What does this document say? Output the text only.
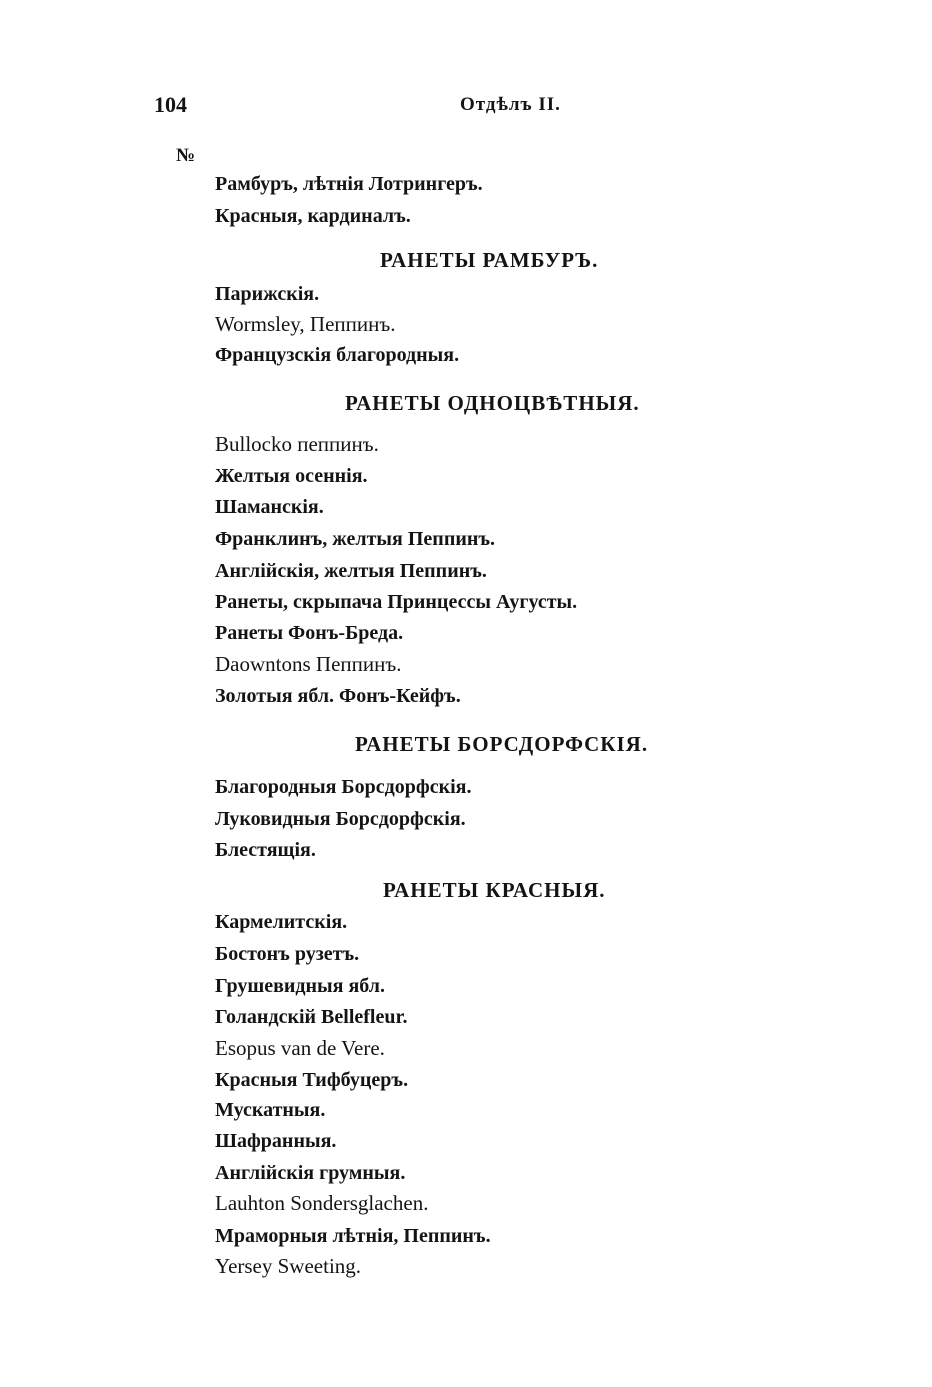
104	Отдѣлъ II.
№
Рамбуръ, лѣтнія Лотрингеръ.
Красныя, кардиналъ.
РАНЕТЫ РАМБУРЪ.
Парижскія.
Wormsley, Пеппинъ.
Французскія благородныя.
РАНЕТЫ ОДНОЦВѢТНЫЯ.
Bullocko пеппинъ.
Желтыя осеннія.
Шаманскія.
Франклинъ, желтыя Пеппинъ.
Англійскія, желтыя Пеппинъ.
Ранеты, скрыпача Принцессы Аугусты.
Ранеты Фонъ-Бреда.
Daowntons Пеппинъ.
Золотыя ябл. Фонъ-Кейфъ.
РАНЕТЫ БОРСДОРФСКІЯ.
Благородныя Борсдорфскія.
Луковидныя Борсдорфскія.
Блестящія.
РАНЕТЫ КРАСНЫЯ.
Кармелитскія.
Бостонъ рузетъ.
Грушевидныя ябл.
Голандскій Bellefleur.
Esopus van de Vere.
Красныя Тифбуцеръ.
Мускатныя.
Шафранныя.
Англійскія грумныя.
Lauhton Sondersglachen.
Мраморныя лѣтнія, Пеппинъ.
Yersey Sweeting.
